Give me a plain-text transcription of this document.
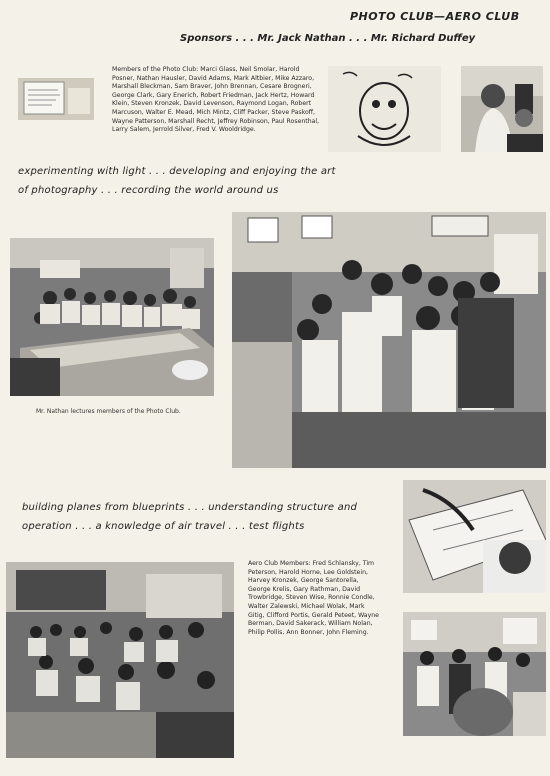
PHOTO CLUB—AERO CLUB
Sponsors . . . Mr. Jack Nathan . . . Mr. Richard Duffey
Members of the Photo Club: Marci Glass, Neil Smolar, Harold Posner, Nathan Hausler, David Adams, Mark Altbier, Mike Azzaro, Marshall Bleckman, Sam Braver, John Brennan, Cesare Brogneri, George Clark, Gary Enerich, Robert Friedman, Jack Hertz, Howard Klein, Steven Kronzek, David Levenson, Raymond Logan, Robert Marcuson, Walter E. Mead, Mich Mintz, Cliff Packer, Steve Paskoff, Wayne Patterson, Marshall Recht, Jeffrey Robinson, Paul Rosenthal, Larry Salem, Jerrold Silver, Fred V. Wooldridge.
experimenting with light . . . developing and enjoying the art of photography . . . recording the world around us
Mr. Nathan lectures members of the Photo Club.
building planes from blueprints . . . understanding structure and operation . . . a knowledge of air travel . . . test flights
Aero Club Members: Fred Schlansky, Tim Peterson, Harold Horne, Lee Goldstein, Harvey Kronzek, George Santorella, George Krelis, Gary Rathman, David Trowbridge, Steven Wise, Ronnie Condle, Walter Zalewski, Michael Wolak, Mark Gitig, Clifford Portis, Gerald Peteet, Wayne Berman, David Sakerack, William Nolan, Philip Pollis, Ann Bonner, John Fleming.
